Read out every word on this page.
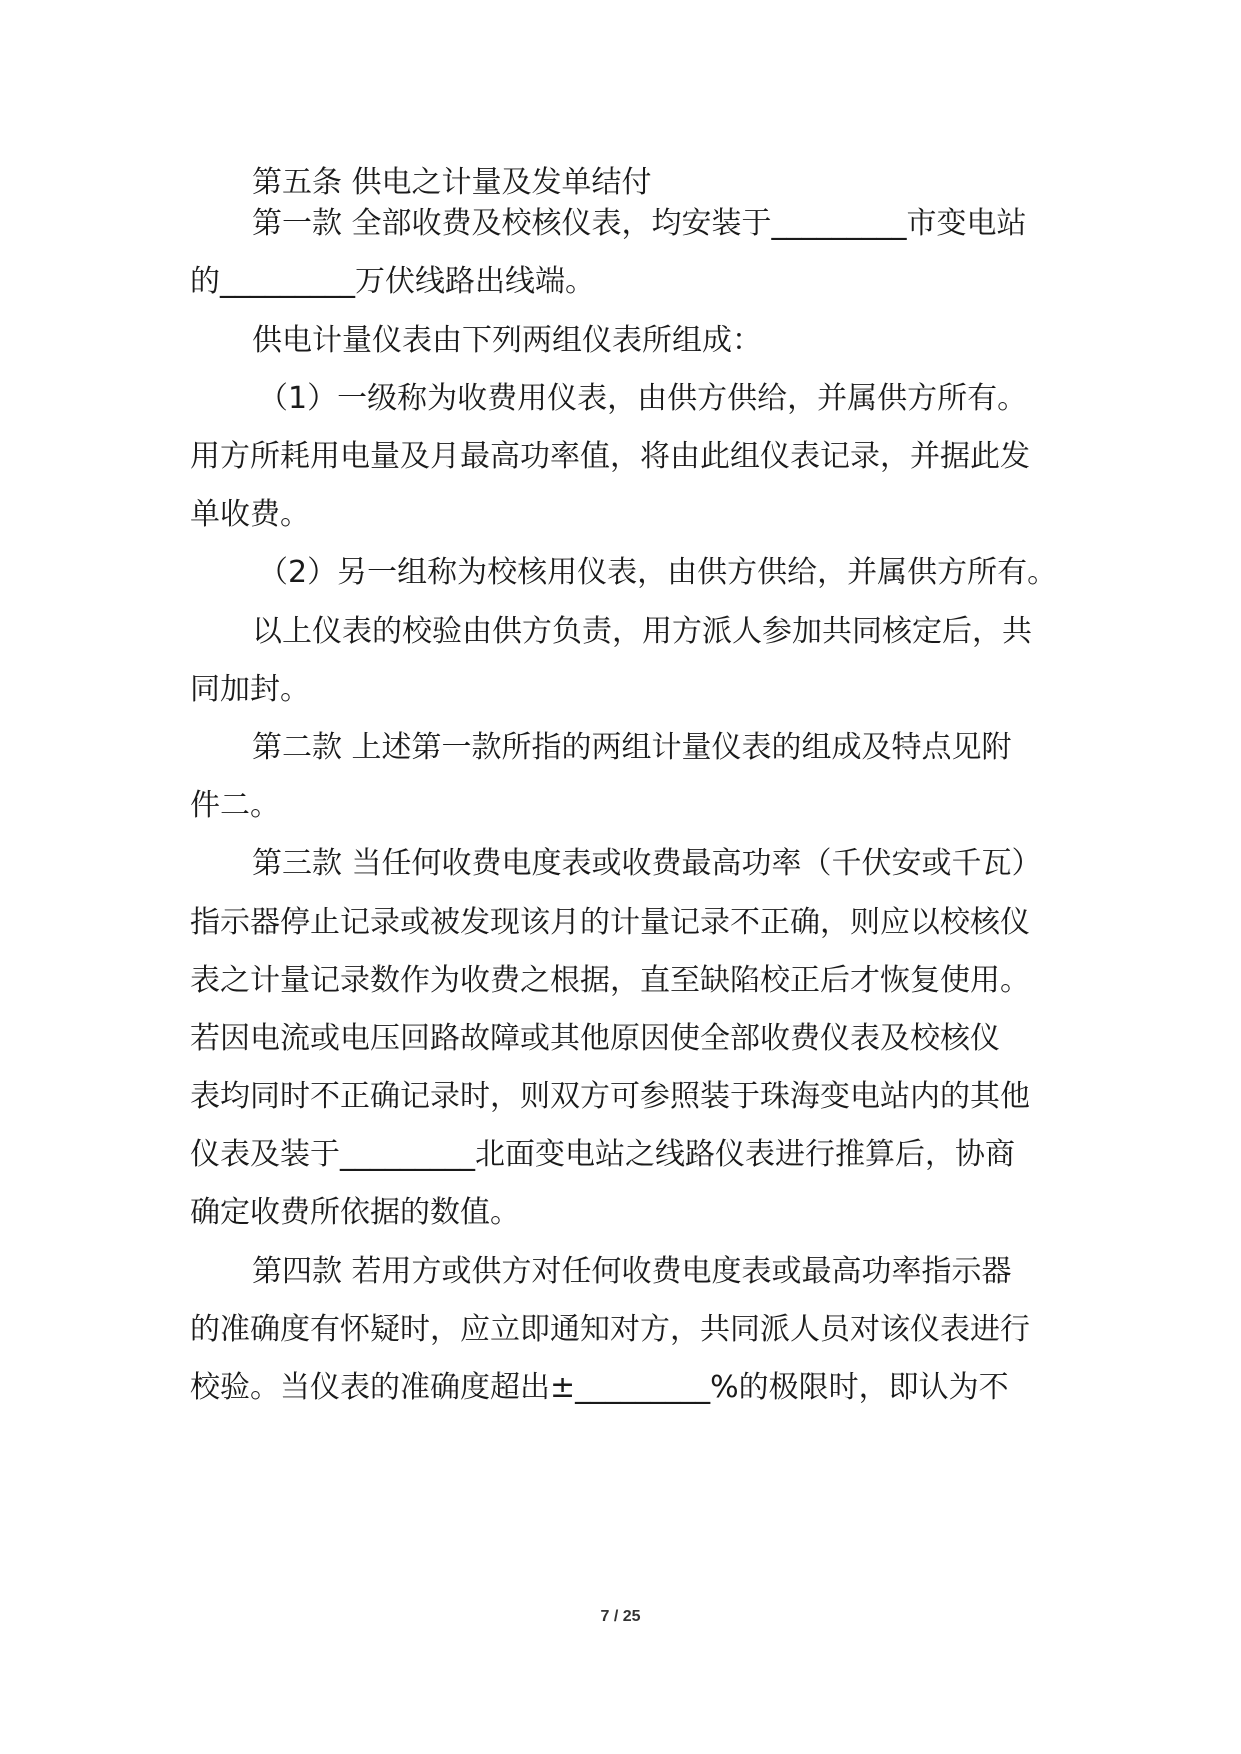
第五条 供电之计量及发单结付
第一款 全部收费及校核仪表，均安装于_________市变电站
的_________万伏线路出线端。
供电计量仪表由下列两组仪表所组成：
（1）一级称为收费用仪表，由供方供给，并属供方所有。
用方所耗用电量及月最高功率值，将由此组仪表记录，并据此发
单收费。
（2）另一组称为校核用仪表，由供方供给，并属供方所有。
以上仪表的校验由供方负责，用方派人参加共同核定后，共
同加封。
第二款 上述第一款所指的两组计量仪表的组成及特点见附
件二。
第三款 当任何收费电度表或收费最高功率（千伏安或千瓦）
指示器停止记录或被发现该月的计量记录不正确，则应以校核仪
表之计量记录数作为收费之根据，直至缺陷校正后才恢复使用。
若因电流或电压回路故障或其他原因使全部收费仪表及校核仪
表均同时不正确记录时，则双方可参照装于珠海变电站内的其他
仪表及装于_________北面变电站之线路仪表进行推算后，协商
确定收费所依据的数值。
第四款 若用方或供方对任何收费电度表或最高功率指示器
的准确度有怀疑时，应立即通知对方，共同派人员对该仪表进行
校验。当仪表的准确度超出±_________%的极限时，即认为不
7 / 25
